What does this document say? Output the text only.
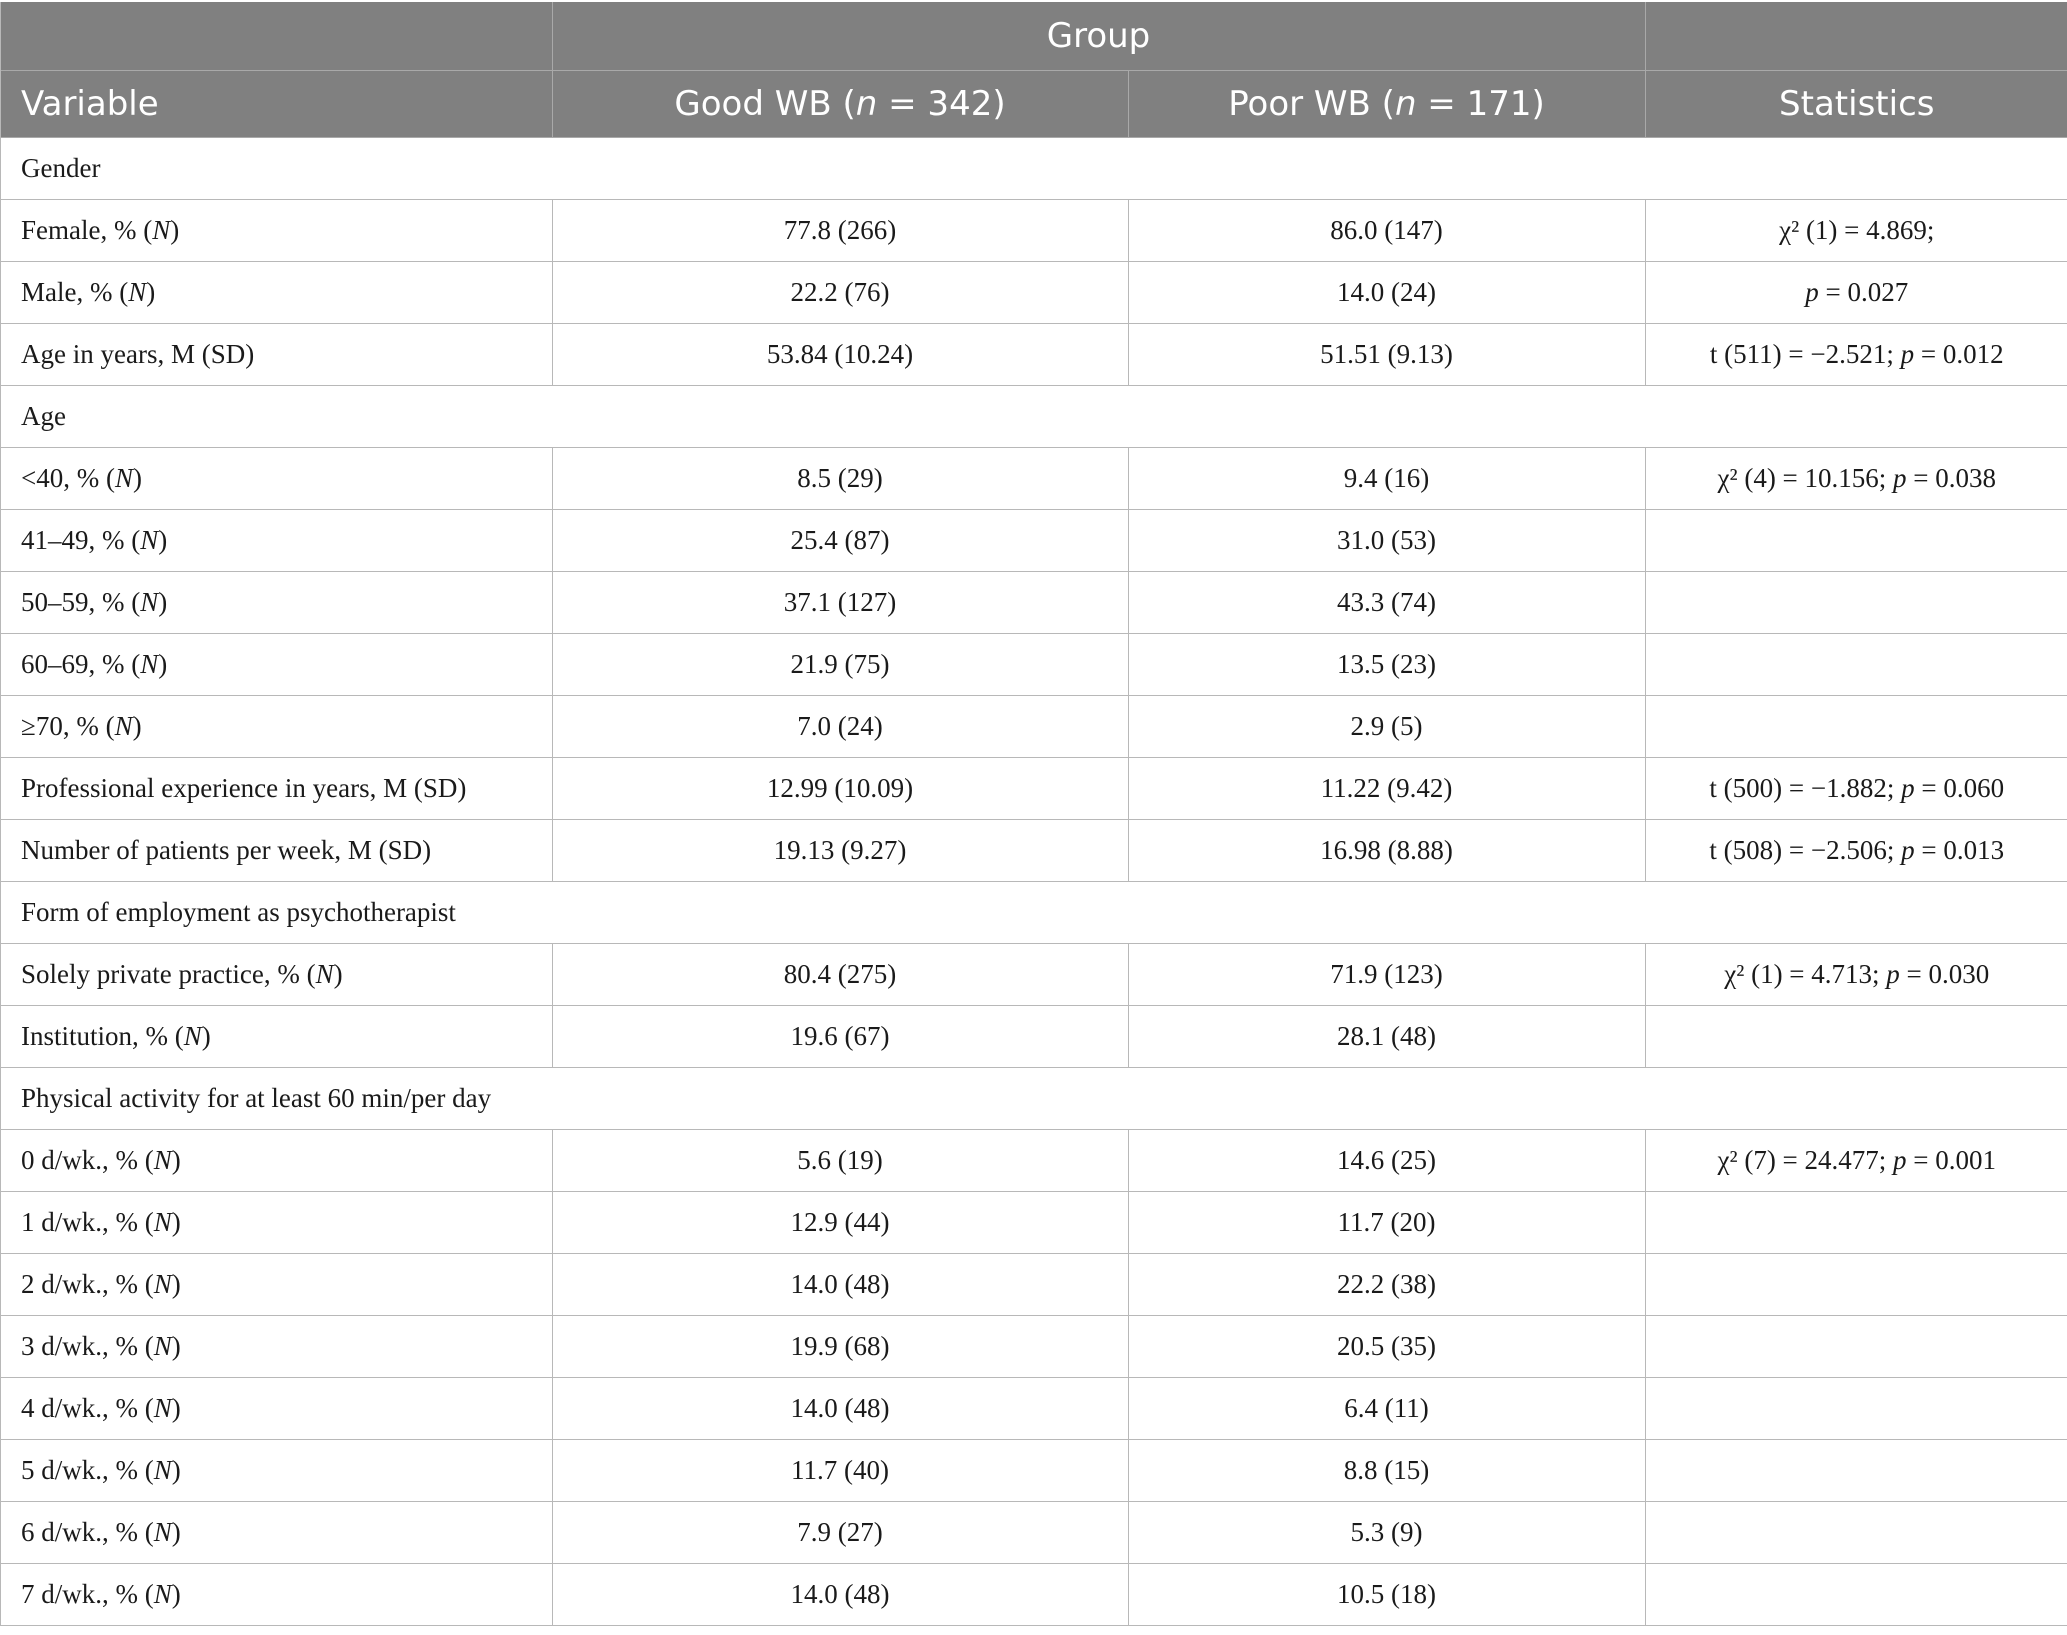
	Group		
Variable	Good WB (n = 342)	Poor WB (n = 171)	Statistics
Gender			
Female, % (N)	77.8 (266)	86.0 (147)	χ² (1) = 4.869;
Male, % (N)	22.2 (76)	14.0 (24)	p = 0.027
Age in years, M (SD)	53.84 (10.24)	51.51 (9.13)	t (511) = −2.521; p = 0.012
Age			
<40, % (N)	8.5 (29)	9.4 (16)	χ² (4) = 10.156; p = 0.038
41–49, % (N)	25.4 (87)	31.0 (53)	
50–59, % (N)	37.1 (127)	43.3 (74)	
60–69, % (N)	21.9 (75)	13.5 (23)	
≥70, % (N)	7.0 (24)	2.9 (5)	
Professional experience in years, M (SD)	12.99 (10.09)	11.22 (9.42)	t (500) = −1.882; p = 0.060
Number of patients per week, M (SD)	19.13 (9.27)	16.98 (8.88)	t (508) = −2.506; p = 0.013
Form of employment as psychotherapist			
Solely private practice, % (N)	80.4 (275)	71.9 (123)	χ² (1) = 4.713; p = 0.030
Institution, % (N)	19.6 (67)	28.1 (48)	
Physical activity for at least 60 min/per day			
0 d/wk., % (N)	5.6 (19)	14.6 (25)	χ² (7) = 24.477; p = 0.001
1 d/wk., % (N)	12.9 (44)	11.7 (20)	
2 d/wk., % (N)	14.0 (48)	22.2 (38)	
3 d/wk., % (N)	19.9 (68)	20.5 (35)	
4 d/wk., % (N)	14.0 (48)	6.4 (11)	
5 d/wk., % (N)	11.7 (40)	8.8 (15)	
6 d/wk., % (N)	7.9 (27)	5.3 (9)	
7 d/wk., % (N)	14.0 (48)	10.5 (18)	
